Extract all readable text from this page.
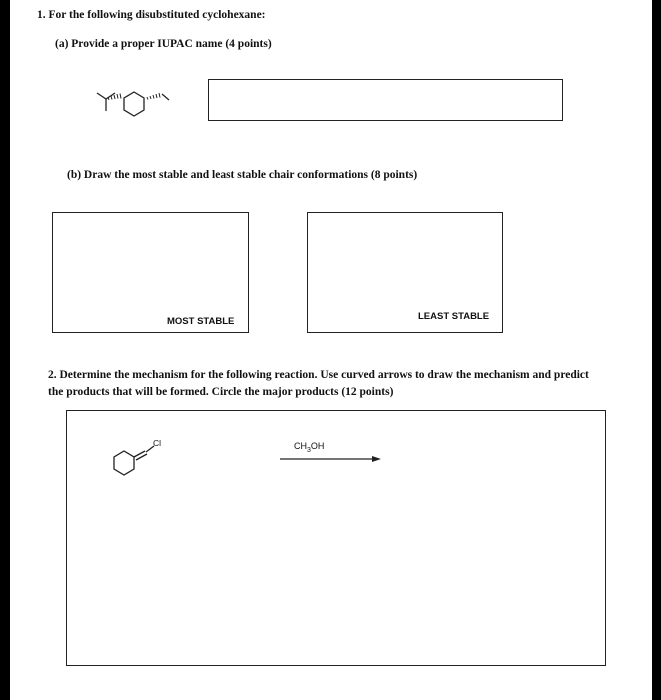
1. For the following disubstituted cyclohexane:
(a) Provide a proper IUPAC name (4 points)
(b) Draw the most stable and least stable chair conformations (8 points)
MOST STABLE	LEAST STABLE
2. Determine the mechanism for the following reaction. Use curved arrows to draw the mechanism and predict
the products that will be formed. Circle the major products (12 points)
Cl	$CH_3OH$
